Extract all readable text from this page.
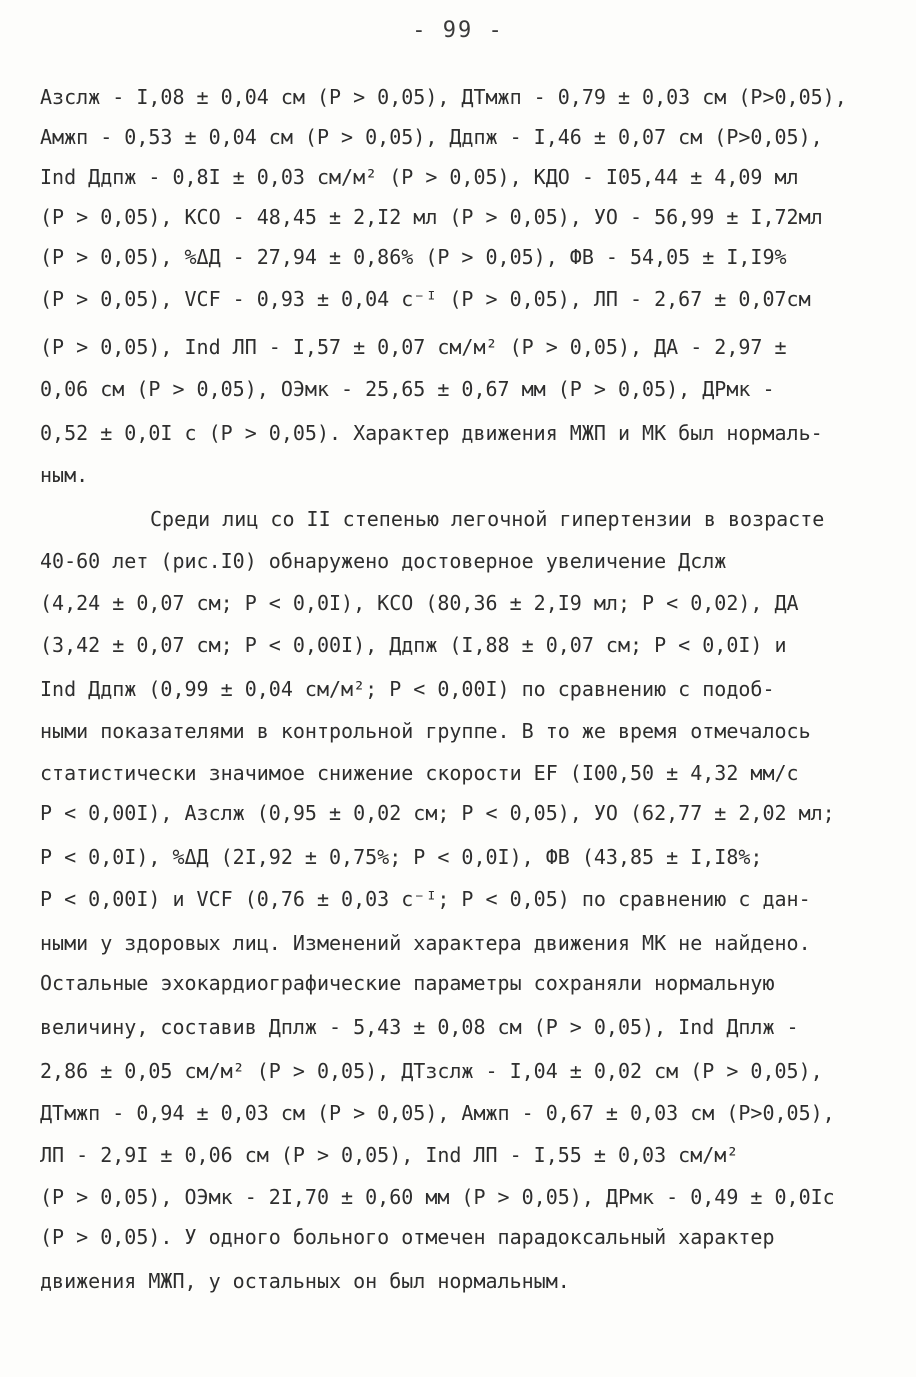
- 99 -
Aзслж - I,08 ± 0,04 см (P > 0,05), ДТмжп - 0,79 ± 0,03 см (P>0,05),
Aмжп - 0,53 ± 0,04 см (P > 0,05), Ддпж - I,46 ± 0,07 см (P>0,05),
Ind Ддпж - 0,8I ± 0,03 см/м² (P > 0,05), КДО - I05,44 ± 4,09 мл
(P > 0,05), КСО - 48,45 ± 2,I2 мл (P > 0,05), УО - 56,99 ± I,72мл
(P > 0,05), %ΔД - 27,94 ± 0,86% (P > 0,05), ФВ - 54,05 ± I,I9%
(P > 0,05), VCF - 0,93 ± 0,04 с⁻ᴵ (P > 0,05), ЛП - 2,67 ± 0,07см
(P > 0,05), Ind ЛП - I,57 ± 0,07 см/м² (P > 0,05), ДА - 2,97 ±
0,06 см (P > 0,05), ОЭмк - 25,65 ± 0,67 мм (P > 0,05), ДРмк -
0,52 ± 0,0I с (P > 0,05). Характер движения МЖП и МК был нормаль-
ным.
Среди лиц со II степенью легочной гипертензии в возрасте
40-60 лет (рис.I0) обнаружено достоверное увеличение Дслж
(4,24 ± 0,07 см; P < 0,0I), КСО (80,36 ± 2,I9 мл; P < 0,02), ДА
(3,42 ± 0,07 см; P < 0,00I), Ддпж (I,88 ± 0,07 см; P < 0,0I) и
Ind Ддпж (0,99 ± 0,04 см/м²; P < 0,00I) по сравнению с подоб-
ными показателями в контрольной группе. В то же время отмечалось
статистически значимое снижение скорости EF (I00,50 ± 4,32 мм/с
P < 0,00I), Aзслж (0,95 ± 0,02 см; P < 0,05), УО (62,77 ± 2,02 мл;
P < 0,0I), %ΔД (2I,92 ± 0,75%; P < 0,0I), ФВ (43,85 ± I,I8%;
P < 0,00I) и VCF (0,76 ± 0,03 с⁻ᴵ; P < 0,05) по сравнению с дан-
ными у здоровых лиц. Изменений характера движения МК не найдено.
Остальные эхокардиографические параметры сохраняли нормальную
величину, составив Дплж - 5,43 ± 0,08 см (P > 0,05), Ind Дплж -
2,86 ± 0,05 см/м² (P > 0,05), ДТзслж - I,04 ± 0,02 см (P > 0,05),
ДТмжп - 0,94 ± 0,03 см (P > 0,05), Aмжп - 0,67 ± 0,03 см (P>0,05),
ЛП - 2,9I ± 0,06 см (P > 0,05), Ind ЛП - I,55 ± 0,03 см/м²
(P > 0,05), ОЭмк - 2I,70 ± 0,60 мм (P > 0,05), ДРмк - 0,49 ± 0,0Iс
(P > 0,05). У одного больного отмечен парадоксальный характер
движения МЖП, у остальных он был нормальным.
